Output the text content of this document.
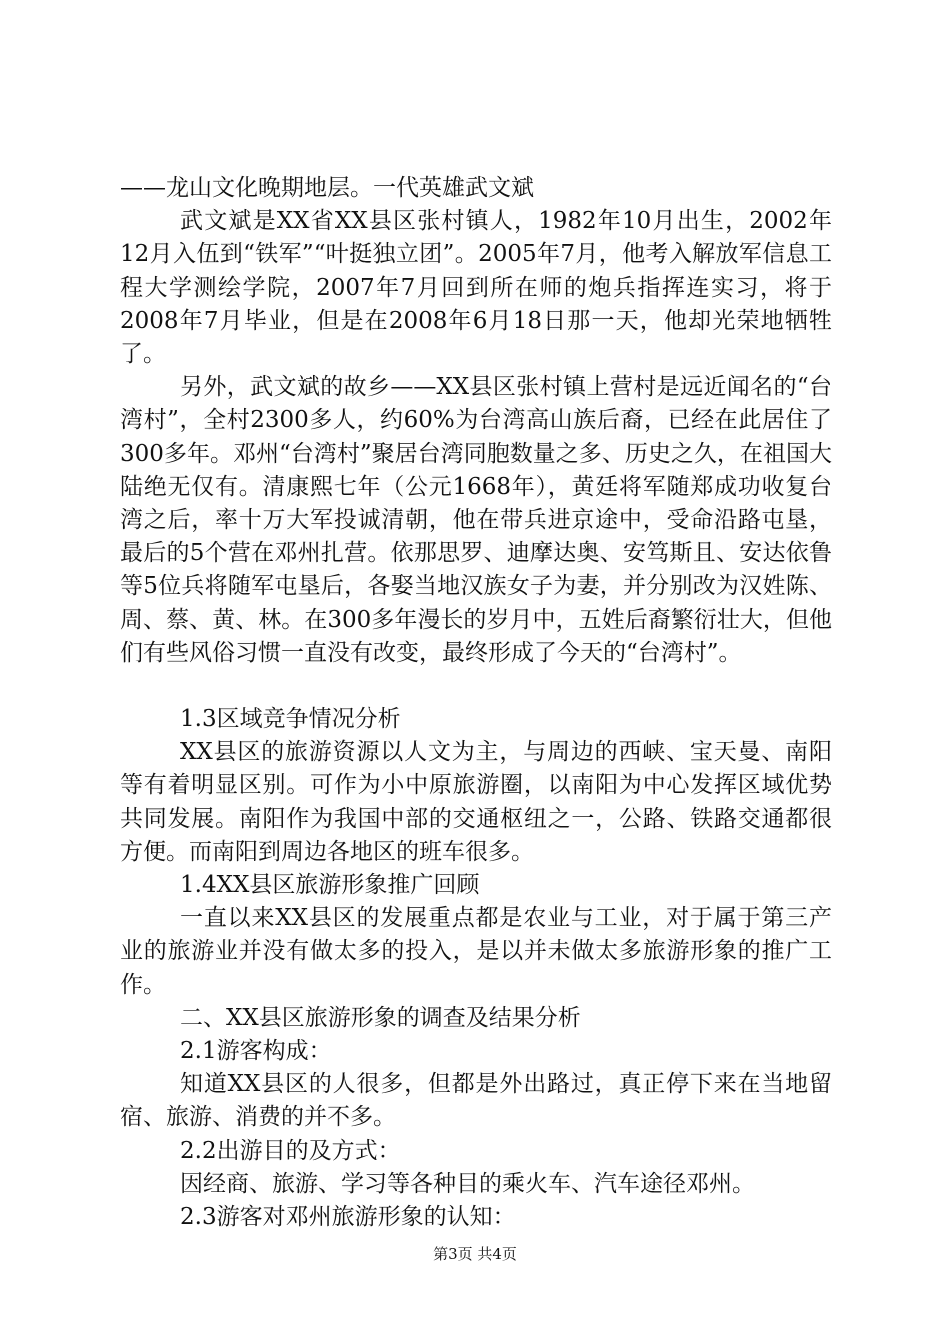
——龙山文化晚期地层。一代英雄武文斌

武文斌是XX省XX县区张村镇人，1982年10月出生，2002年12月入伍到“铁军”“叶挺独立团”。2005年7月，他考入解放军信息工程大学测绘学院，2007年7月回到所在师的炮兵指挥连实习，将于2008年7月毕业，但是在2008年6月18日那一天，他却光荣地牺牲了。

另外，武文斌的故乡——XX县区张村镇上营村是远近闻名的“台湾村”，全村2300多人，约60%为台湾高山族后裔，已经在此居住了300多年。邓州“台湾村”聚居台湾同胞数量之多、历史之久，在祖国大陆绝无仅有。清康熙七年（公元1668年），黄廷将军随郑成功收复台湾之后，率十万大军投诚清朝，他在带兵进京途中，受命沿路屯垦，最后的5个营在邓州扎营。依那思罗、迪摩达奥、安笃斯且、安达依鲁等5位兵将随军屯垦后，各娶当地汉族女子为妻，并分别改为汉姓陈、周、蔡、黄、林。在300多年漫长的岁月中，五姓后裔繁衍壮大，但他们有些风俗习惯一直没有改变，最终形成了今天的“台湾村”。

1.3区域竞争情况分析

XX县区的旅游资源以人文为主，与周边的西峡、宝天曼、南阳等有着明显区别。可作为小中原旅游圈，以南阳为中心发挥区域优势共同发展。南阳作为我国中部的交通枢纽之一，公路、铁路交通都很方便。而南阳到周边各地区的班车很多。

1.4XX县区旅游形象推广回顾

一直以来XX县区的发展重点都是农业与工业，对于属于第三产业的旅游业并没有做太多的投入，是以并未做太多旅游形象的推广工作。

二、XX县区旅游形象的调查及结果分析

2.1游客构成：

知道XX县区的人很多，但都是外出路过，真正停下来在当地留宿、旅游、消费的并不多。

2.2出游目的及方式：

因经商、旅游、学习等各种目的乘火车、汽车途径邓州。

2.3游客对邓州旅游形象的认知：

第3页 共4页
